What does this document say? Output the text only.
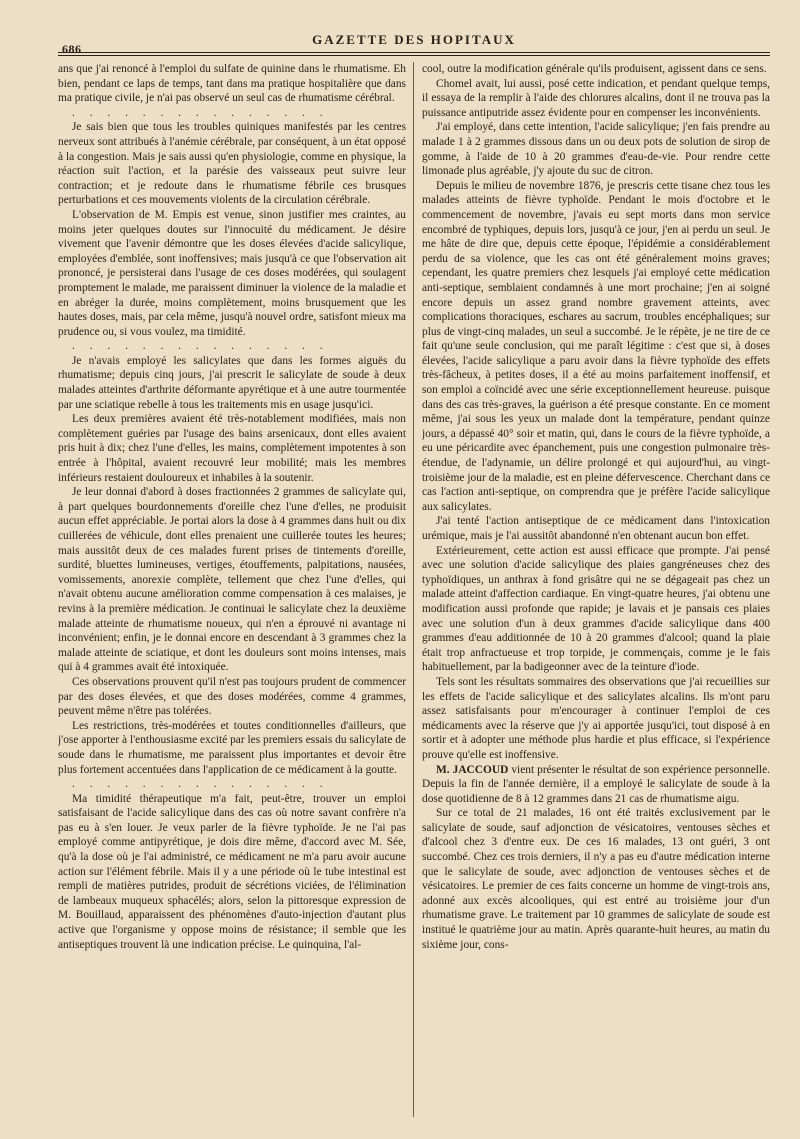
686
GAZETTE DES HOPITAUX

ans que j'ai renoncé à l'emploi du sulfate de quinine dans le rhumatisme. Eh bien, pendant ce laps de temps, tant dans ma pratique hospitalière que dans ma pratique civile, je n'ai pas observé un seul cas de rhumatisme cérébral.

. . . . . . . . . . . . . . .

Je sais bien que tous les troubles quiniques manifestés par les centres nerveux sont attribués à l'anémie cérébrale, par conséquent, à un état opposé à la congestion. Mais je sais aussi qu'en physiologie, comme en physique, la réaction suit l'action, et la parésie des vaisseaux peut suivre leur contraction; et je redoute dans le rhumatisme fébrile ces brusques perturbations et ces mouvements violents de la circulation cérébrale.

L'observation de M. Empis est venue, sinon justifier mes craintes, au moins jeter quelques doutes sur l'innocuité du médicament. Je désire vivement que l'avenir démontre que les doses élevées d'acide salicylique, employées d'emblée, sont inoffensives; mais jusqu'à ce que l'observation ait prononcé, je persisterai dans l'usage de ces doses modérées, qui soulagent promptement le malade, me paraissent diminuer la violence de la maladie et en abréger la durée, moins complètement, moins brusquement que les hautes doses, mais, par cela même, jusqu'à nouvel ordre, satisfont mieux ma prudence ou, si vous voulez, ma timidité.

. . . . . . . . . . . . . . .

Je n'avais employé les salicylates que dans les formes aiguës du rhumatisme; depuis cinq jours, j'ai prescrit le salicylate de soude à deux malades atteintes d'arthrite déformante apyrétique et à une autre tourmentée par une sciatique rebelle à tous les traitements mis en usage jusqu'ici.

Les deux premières avaient été très-notablement modifiées, mais non complètement guéries par l'usage des bains arsenicaux, dont elles avaient pris huit à dix; chez l'une d'elles, les mains, complètement impotentes à son entrée à l'hôpital, avaient recouvré leur mobilité; mais les membres inférieurs restaient douloureux et inhabiles à la soutenir.

Je leur donnai d'abord à doses fractionnées 2 grammes de salicylate qui, à part quelques bourdonnements d'oreille chez l'une d'elles, ne produisit aucun effet appréciable. Je portai alors la dose à 4 grammes dans huit ou dix cuillerées de véhicule, dont elles prenaient une cuillerée toutes les heures; mais aussitôt deux de ces malades furent prises de tintements d'oreille, surdité, bluettes lumineuses, vertiges, étouffements, palpitations, nausées, vomissements, anorexie complète, tellement que chez l'une d'elles, qui n'avait obtenu aucune amélioration comme compensation à ces malaises, je revins à la première médication. Je continuai le salicylate chez la deuxième malade atteinte de rhumatisme noueux, qui n'en a éprouvé ni avantage ni inconvénient; enfin, je le donnai encore en descendant à 3 grammes chez la malade atteinte de sciatique, et dont les douleurs sont moins intenses, mais qui à 4 grammes avait été intoxiquée.

Ces observations prouvent qu'il n'est pas toujours prudent de commencer par des doses élevées, et que des doses modérées, comme 4 grammes, peuvent même n'être pas tolérées.

Les restrictions, très-modérées et toutes conditionnelles d'ailleurs, que j'ose apporter à l'enthousiasme excité par les premiers essais du salicylate de soude dans le rhumatisme, me paraissent plus importantes et devoir être plus fortement accentuées dans l'application de ce médicament à la goutte.

. . . . . . . . . . . . . . .

Ma timidité thérapeutique m'a fait, peut-être, trouver un emploi satisfaisant de l'acide salicylique dans des cas où notre savant confrère n'a pas eu à s'en louer. Je veux parler de la fièvre typhoïde. Je ne l'ai pas employé comme antipyrétique, je dois dire même, d'accord avec M. Sée, qu'à la dose où je l'ai administré, ce médicament ne m'a paru avoir aucune action sur l'élément fébrile. Mais il y a une période où le tube intestinal est rempli de matières putrides, produit de sécrétions viciées, de l'élimination de lambeaux muqueux sphacélés; alors, selon la pittoresque expression de M. Bouillaud, apparaissent des phénomènes d'auto-injection d'autant plus active que l'organisme y oppose moins de résistance; il semble que les antiseptiques trouvent là une indication précise. Le quinquina, l'al-

cool, outre la modification générale qu'ils produisent, agissent dans ce sens.

Chomel avait, lui aussi, posé cette indication, et pendant quelque temps, il essaya de la remplir à l'aide des chlorures alcalins, dont il ne trouva pas la puissance antiputride assez évidente pour en compenser les inconvénients.

J'ai employé, dans cette intention, l'acide salicylique; j'en fais prendre au malade 1 à 2 grammes dissous dans un ou deux pots de solution de sirop de gomme, à l'aide de 10 à 20 grammes d'eau-de-vie. Pour rendre cette limonade plus agréable, j'y ajoute du suc de citron.

Depuis le milieu de novembre 1876, je prescris cette tisane chez tous les malades atteints de fièvre typhoïde. Pendant le mois d'octobre et le commencement de novembre, j'avais eu sept morts dans mon service encombré de typhiques, depuis lors, jusqu'à ce jour, j'en ai perdu un seul. Je me hâte de dire que, depuis cette époque, l'épidémie a considérablement perdu de sa violence, que les cas ont été généralement moins graves; cependant, les quatre premiers chez lesquels j'ai employé cette médication anti-septique, semblaient condamnés à une mort prochaine; j'en ai soigné encore depuis un assez grand nombre gravement atteints, avec complications thoraciques, eschares au sacrum, troubles encéphaliques; sur plus de vingt-cinq malades, un seul a succombé. Je le répète, je ne tire de ce fait qu'une seule conclusion, qui me paraît légitime : c'est que si, à doses élevées, l'acide salicylique a paru avoir dans la fièvre typhoïde des effets très-fâcheux, à petites doses, il a été au moins parfaitement inoffensif, et son emploi a coïncidé avec une série exceptionnellement heureuse. puisque dans des cas très-graves, la guérison a été presque constante. En ce moment même, j'ai sous les yeux un malade dont la température, pendant quinze jours, a dépassé 40° soir et matin, qui, dans le cours de la fièvre typhoïde, a eu une péricardite avec épanchement, puis une congestion pulmonaire très-étendue, de l'adynamie, un délire prolongé et qui aujourd'hui, au vingt-troisième jour de la maladie, est en pleine défervescence. Cherchant dans ce cas l'action anti-septique, on comprendra que je préfère l'acide salicylique aux salicylates.

J'ai tenté l'action antiseptique de ce médicament dans l'intoxication urémique, mais je l'ai aussitôt abandonné n'en obtenant aucun bon effet.

Extérieurement, cette action est aussi efficace que prompte. J'ai pensé avec une solution d'acide salicylique des plaies gangréneuses chez des typhoïdiques, un anthrax à fond grisâtre qui ne se dégageait pas chez un malade atteint d'affection cardiaque. En vingt-quatre heures, j'ai obtenu une modification aussi profonde que rapide; je lavais et je pansais ces plaies avec une solution d'un à deux grammes d'acide salicylique dans 400 grammes d'eau additionnée de 10 à 20 grammes d'alcool; quand la plaie était trop anfractueuse et trop torpide, je commençais, comme je le fais habituellement, par la badigeonner avec de la teinture d'iode.

Tels sont les résultats sommaires des observations que j'ai recueillies sur les effets de l'acide salicylique et des salicylates alcalins. Ils m'ont paru assez satisfaisants pour m'encourager à continuer l'emploi de ces médicaments avec la réserve que j'y ai apportée jusqu'ici, tout disposé à en sortir et à adopter une méthode plus hardie et plus efficace, si l'expérience prouve qu'elle est inoffensive.

M. JACCOUD vient présenter le résultat de son expérience personnelle. Depuis la fin de l'année dernière, il a employé le salicylate de soude à la dose quotidienne de 8 à 12 grammes dans 21 cas de rhumatisme aigu.

Sur ce total de 21 malades, 16 ont été traités exclusivement par le salicylate de soude, sauf adjonction de vésicatoires, ventouses sèches et d'alcool chez 3 d'entre eux. De ces 16 malades, 13 ont guéri, 3 ont succombé. Chez ces trois derniers, il n'y a pas eu d'autre médication interne que le salicylate de soude, avec adjonction de ventouses sèches et de vésicatoires. Le premier de ces faits concerne un homme de vingt-trois ans, adonné aux excès alcooliques, qui est entré au troisième jour d'un rhumatisme grave. Le traitement par 10 grammes de salicylate de soude est institué le quatrième jour au matin. Après quarante-huit heures, au matin du sixième jour, cons-
